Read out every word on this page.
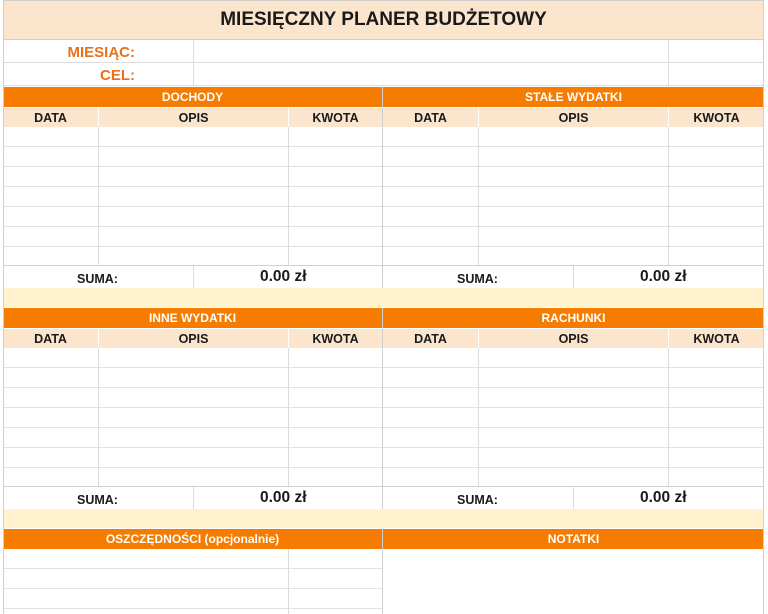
MIESIĘCZNY PLANER BUDŻETOWY
MIESIĄC:
CEL:
DOCHODY	STAŁE WYDATKI
DATA	OPIS	KWOTA	DATA	OPIS	KWOTA
SUMA:	0.00 zł	SUMA:	0.00 zł
INNE WYDATKI	RACHUNKI
DATA	OPIS	KWOTA	DATA	OPIS	KWOTA
SUMA:	0.00 zł	SUMA:	0.00 zł
OSZCZĘDNOŚCI (opcjonalnie)	NOTATKI
